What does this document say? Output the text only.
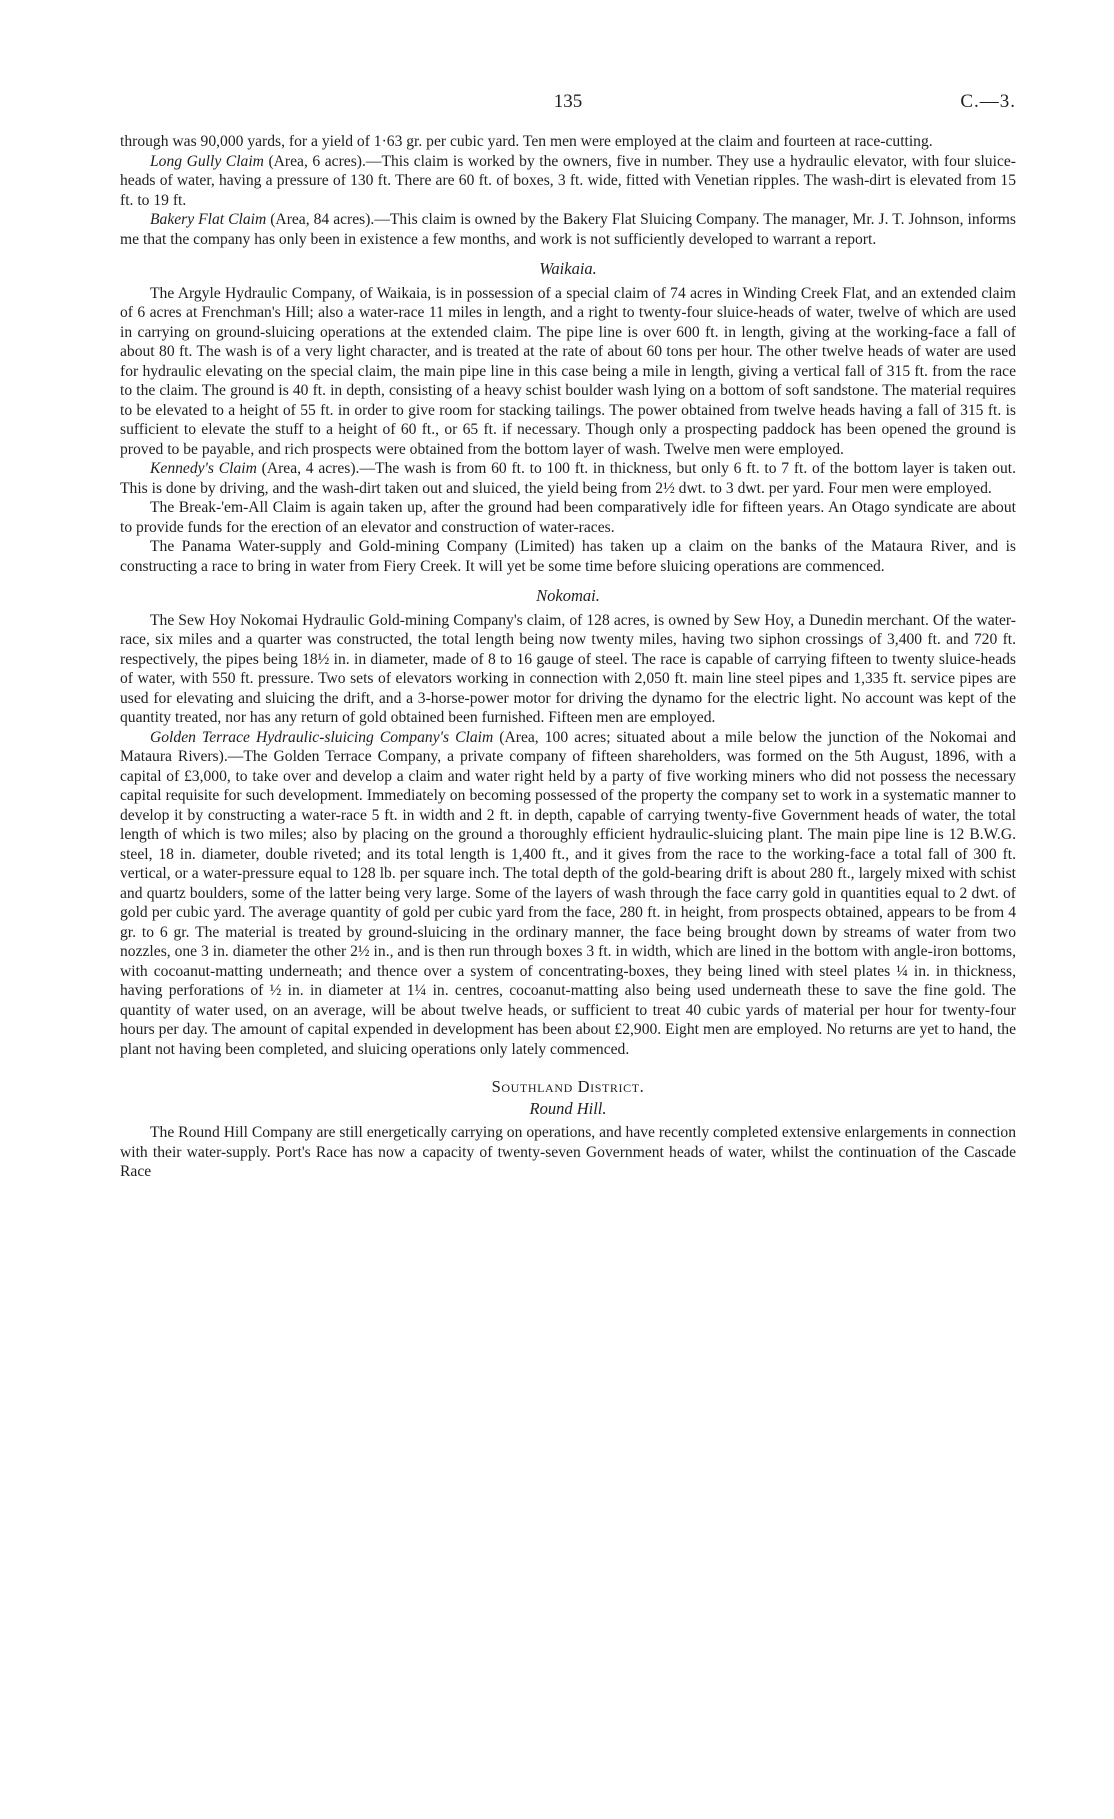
135	C.—3.

through was 90,000 yards, for a yield of 1·63 gr. per cubic yard. Ten men were employed at the claim and fourteen at race-cutting.

Long Gully Claim (Area, 6 acres).—This claim is worked by the owners, five in number. They use a hydraulic elevator, with four sluice-heads of water, having a pressure of 130 ft. There are 60 ft. of boxes, 3 ft. wide, fitted with Venetian ripples. The wash-dirt is elevated from 15 ft. to 19 ft.

Bakery Flat Claim (Area, 84 acres).—This claim is owned by the Bakery Flat Sluicing Company. The manager, Mr. J. T. Johnson, informs me that the company has only been in existence a few months, and work is not sufficiently developed to warrant a report.

Waikaia.

The Argyle Hydraulic Company, of Waikaia, is in possession of a special claim of 74 acres in Winding Creek Flat, and an extended claim of 6 acres at Frenchman's Hill; also a water-race 11 miles in length, and a right to twenty-four sluice-heads of water, twelve of which are used in carrying on ground-sluicing operations at the extended claim. The pipe line is over 600 ft. in length, giving at the working-face a fall of about 80 ft. The wash is of a very light character, and is treated at the rate of about 60 tons per hour. The other twelve heads of water are used for hydraulic elevating on the special claim, the main pipe line in this case being a mile in length, giving a vertical fall of 315 ft. from the race to the claim. The ground is 40 ft. in depth, consisting of a heavy schist boulder wash lying on a bottom of soft sandstone. The material requires to be elevated to a height of 55 ft. in order to give room for stacking tailings. The power obtained from twelve heads having a fall of 315 ft. is sufficient to elevate the stuff to a height of 60 ft., or 65 ft. if necessary. Though only a prospecting paddock has been opened the ground is proved to be payable, and rich prospects were obtained from the bottom layer of wash. Twelve men were employed.

Kennedy's Claim (Area, 4 acres).—The wash is from 60 ft. to 100 ft. in thickness, but only 6 ft. to 7 ft. of the bottom layer is taken out. This is done by driving, and the wash-dirt taken out and sluiced, the yield being from 2½ dwt. to 3 dwt. per yard. Four men were employed.

The Break-'em-All Claim is again taken up, after the ground had been comparatively idle for fifteen years. An Otago syndicate are about to provide funds for the erection of an elevator and construction of water-races.

The Panama Water-supply and Gold-mining Company (Limited) has taken up a claim on the banks of the Mataura River, and is constructing a race to bring in water from Fiery Creek. It will yet be some time before sluicing operations are commenced.

Nokomai.

The Sew Hoy Nokomai Hydraulic Gold-mining Company's claim, of 128 acres, is owned by Sew Hoy, a Dunedin merchant. Of the water-race, six miles and a quarter was constructed, the total length being now twenty miles, having two siphon crossings of 3,400 ft. and 720 ft. respectively, the pipes being 18½ in. in diameter, made of 8 to 16 gauge of steel. The race is capable of carrying fifteen to twenty sluice-heads of water, with 550 ft. pressure. Two sets of elevators working in connection with 2,050 ft. main line steel pipes and 1,335 ft. service pipes are used for elevating and sluicing the drift, and a 3-horse-power motor for driving the dynamo for the electric light. No account was kept of the quantity treated, nor has any return of gold obtained been furnished. Fifteen men are employed.

Golden Terrace Hydraulic-sluicing Company's Claim (Area, 100 acres; situated about a mile below the junction of the Nokomai and Mataura Rivers).—The Golden Terrace Company, a private company of fifteen shareholders, was formed on the 5th August, 1896, with a capital of £3,000, to take over and develop a claim and water right held by a party of five working miners who did not possess the necessary capital requisite for such development. Immediately on becoming possessed of the property the company set to work in a systematic manner to develop it by constructing a water-race 5 ft. in width and 2 ft. in depth, capable of carrying twenty-five Government heads of water, the total length of which is two miles; also by placing on the ground a thoroughly efficient hydraulic-sluicing plant. The main pipe line is 12 B.W.G. steel, 18 in. diameter, double riveted; and its total length is 1,400 ft., and it gives from the race to the working-face a total fall of 300 ft. vertical, or a water-pressure equal to 128 lb. per square inch. The total depth of the gold-bearing drift is about 280 ft., largely mixed with schist and quartz boulders, some of the latter being very large. Some of the layers of wash through the face carry gold in quantities equal to 2 dwt. of gold per cubic yard. The average quantity of gold per cubic yard from the face, 280 ft. in height, from prospects obtained, appears to be from 4 gr. to 6 gr. The material is treated by ground-sluicing in the ordinary manner, the face being brought down by streams of water from two nozzles, one 3 in. diameter the other 2½ in., and is then run through boxes 3 ft. in width, which are lined in the bottom with angle-iron bottoms, with cocoanut-matting underneath; and thence over a system of concentrating-boxes, they being lined with steel plates ¼ in. in thickness, having perforations of ½ in. in diameter at 1¼ in. centres, cocoanut-matting also being used underneath these to save the fine gold. The quantity of water used, on an average, will be about twelve heads, or sufficient to treat 40 cubic yards of material per hour for twenty-four hours per day. The amount of capital expended in development has been about £2,900. Eight men are employed. No returns are yet to hand, the plant not having been completed, and sluicing operations only lately commenced.

Southland District.
Round Hill.

The Round Hill Company are still energetically carrying on operations, and have recently completed extensive enlargements in connection with their water-supply. Port's Race has now a capacity of twenty-seven Government heads of water, whilst the continuation of the Cascade Race
